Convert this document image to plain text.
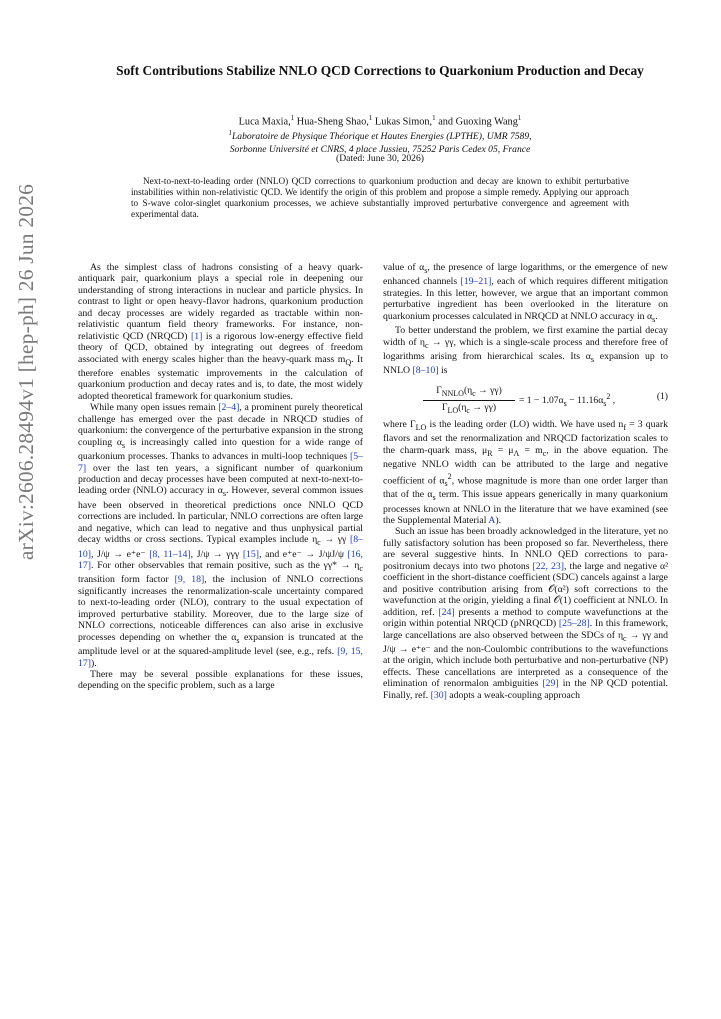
arXiv:2606.28494v1 [hep-ph] 26 Jun 2026
Soft Contributions Stabilize NNLO QCD Corrections to Quarkonium Production and Decay
Luca Maxia,$^1$ Hua-Sheng Shao,$^1$ Lukas Simon,$^1$ and Guoxing Wang$^1$
$^1$Laboratoire de Physique Théorique et Hautes Energies (LPTHE), UMR 7589,
Sorbonne Université et CNRS, 4 place Jussieu, 75252 Paris Cedex 05, France
(Dated: June 30, 2026)
Next-to-next-to-leading order (NNLO) QCD corrections to quarkonium production and decay are known to exhibit perturbative instabilities within non-relativistic QCD. We identify the origin of this problem and propose a simple remedy. Applying our approach to S-wave color-singlet quarkonium processes, we achieve substantially improved perturbative convergence and agreement with experimental data.

As the simplest class of hadrons consisting of a heavy quark-antiquark pair, quarkonium plays a special role in deepening our understanding of strong interactions in nuclear and particle physics. In contrast to light or open heavy-flavor hadrons, quarkonium production and decay processes are widely regarded as tractable within non-relativistic quantum field theory frameworks. For instance, non-relativistic QCD (NRQCD) [1] is a rigorous low-energy effective field theory of QCD, obtained by integrating out degrees of freedom associated with energy scales higher than the heavy-quark mass $m_Q$. It therefore enables systematic improvements in the calculation of quarkonium production and decay rates and is, to date, the most widely adopted theoretical framework for quarkonium studies.

While many open issues remain [2–4], a prominent purely theoretical challenge has emerged over the past decade in NRQCD studies of quarkonium: the convergence of the perturbative expansion in the strong coupling $\alpha_s$ is increasingly called into question for a wide range of quarkonium processes. Thanks to advances in multi-loop techniques [5–7] over the last ten years, a significant number of quarkonium production and decay processes have been computed at next-to-next-to-leading order (NNLO) accuracy in $\alpha_s$. However, several common issues have been observed in theoretical predictions once NNLO QCD corrections are included. In particular, NNLO corrections are often large and negative, which can lead to negative and thus unphysical partial decay widths or cross sections. Typical examples include $\eta_c \to \gamma\gamma$ [8–10], J/ψ → e⁺e⁻ [8, 11–14], J/ψ → γγγ [15], and e⁺e⁻ → J/ψJ/ψ [16, 17]. For other observables that remain positive, such as the $\gamma\gamma* \to \eta_c$ transition form factor [9, 18], the inclusion of NNLO corrections significantly increases the renormalization-scale uncertainty compared to next-to-leading order (NLO), contrary to the usual expectation of improved perturbative stability. Moreover, due to the large size of NNLO corrections, noticeable differences can also arise in exclusive processes depending on whether the $\alpha_s$ expansion is truncated at the amplitude level or at the squared-amplitude level (see, e.g., refs. [9, 15, 17]).

There may be several possible explanations for these issues, depending on the specific problem, such as a large

value of $\alpha_s$, the presence of large logarithms, or the emergence of new enhanced channels [19–21], each of which requires different mitigation strategies. In this letter, however, we argue that an important common perturbative ingredient has been overlooked in the literature on quarkonium processes calculated in NRQCD at NNLO accuracy in $\alpha_s$.

To better understand the problem, we first examine the partial decay width of $\eta_c \to \gamma\gamma$, which is a single-scale process and therefore free of logarithms arising from hierarchical scales. Its $\alpha_s$ expansion up to NNLO [8–10] is

$\Gamma_{NNLO}(\eta_c \to \gamma\gamma)$
$\Gamma_{LO}(\eta_c \to \gamma\gamma)$
= $1 - 1.07\alpha_s - 11.16\alpha_s^2$ ,	(1)

where $\Gamma_{LO}$ is the leading order (LO) width. We have used $n_f = 3$ quark flavors and set the renormalization and NRQCD factorization scales to the charm-quark mass, $\mu_R = \mu_\Lambda = m_c$, in the above equation. The negative NNLO width can be attributed to the large and negative coefficient of $\alpha_s^2$, whose magnitude is more than one order larger than that of the $\alpha_s$ term. This issue appears generically in many quarkonium processes known at NNLO in the literature that we have examined (see the Supplemental Material A).

Such an issue has been broadly acknowledged in the literature, yet no fully satisfactory solution has been proposed so far. Nevertheless, there are several suggestive hints. In NNLO QED corrections to para-positronium decays into two photons [22, 23], the large and negative α² coefficient in the short-distance coefficient (SDC) cancels against a large and positive contribution arising from 𝒪(α²) soft corrections to the wavefunction at the origin, yielding a final 𝒪(1) coefficient at NNLO. In addition, ref. [24] presents a method to compute wavefunctions at the origin within potential NRQCD (pNRQCD) [25–28]. In this framework, large cancellations are also observed between the SDCs of $\eta_c \to \gamma\gamma$ and J/ψ → e⁺e⁻ and the non-Coulombic contributions to the wavefunctions at the origin, which include both perturbative and non-perturbative (NP) effects. These cancellations are interpreted as a consequence of the elimination of renormalon ambiguities [29] in the NP QCD potential. Finally, ref. [30] adopts a weak-coupling approach
